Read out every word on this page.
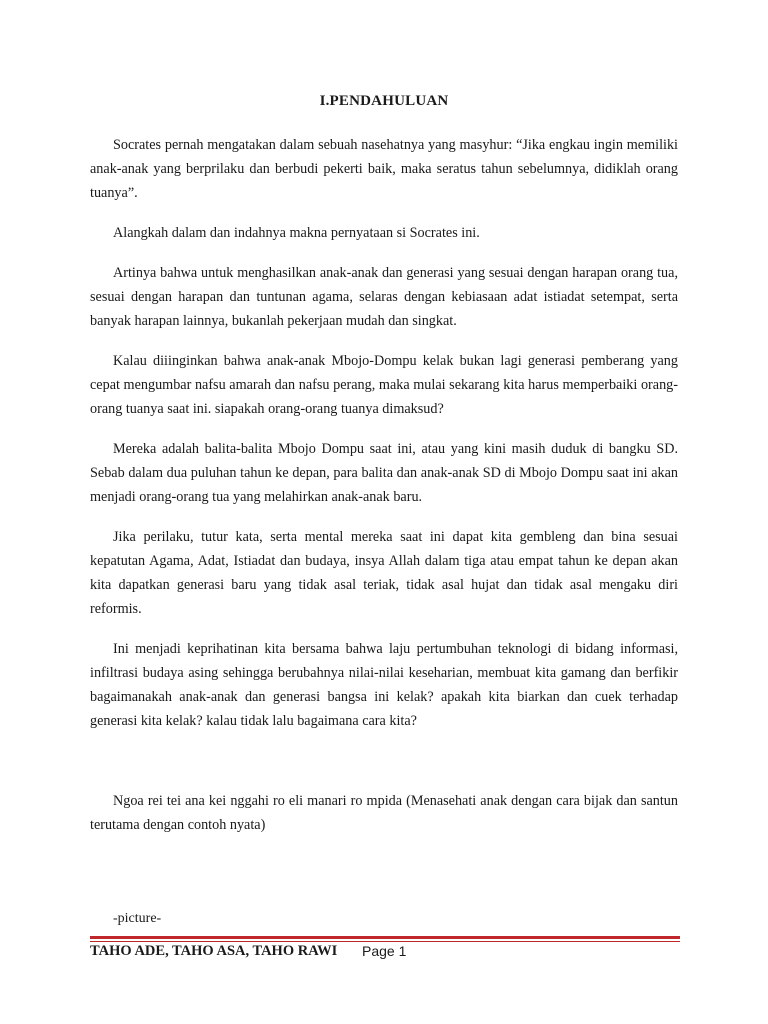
I.PENDAHULUAN

Socrates pernah mengatakan dalam sebuah nasehatnya yang masyhur: “Jika engkau ingin memiliki anak-anak yang berprilaku dan berbudi pekerti baik, maka seratus tahun sebelumnya, didiklah orang tuanya”.

Alangkah dalam dan indahnya makna pernyataan si Socrates ini.

Artinya bahwa untuk menghasilkan anak-anak dan generasi yang sesuai dengan harapan orang tua, sesuai dengan harapan dan tuntunan agama, selaras dengan kebiasaan adat istiadat setempat, serta banyak harapan lainnya, bukanlah pekerjaan mudah dan singkat.

Kalau diiinginkan bahwa anak-anak Mbojo-Dompu kelak bukan lagi generasi pemberang yang cepat mengumbar nafsu amarah dan nafsu perang, maka mulai sekarang kita harus memperbaiki orang-orang tuanya saat ini. siapakah orang-orang tuanya dimaksud?

Mereka adalah balita-balita Mbojo Dompu saat ini, atau yang kini masih duduk di bangku SD. Sebab dalam dua puluhan tahun ke depan, para balita dan anak-anak SD di Mbojo Dompu saat ini akan menjadi orang-orang tua yang melahirkan anak-anak baru.

Jika perilaku, tutur kata, serta mental mereka saat ini dapat kita gembleng dan bina sesuai kepatutan Agama, Adat, Istiadat dan budaya, insya Allah dalam tiga atau empat tahun ke depan akan kita dapatkan generasi baru yang tidak asal teriak, tidak asal hujat dan tidak asal mengaku diri reformis.

Ini menjadi keprihatinan kita bersama bahwa laju pertumbuhan teknologi di bidang informasi, infiltrasi budaya asing sehingga berubahnya nilai-nilai keseharian, membuat kita gamang dan berfikir bagaimanakah anak-anak dan generasi bangsa ini kelak? apakah kita biarkan dan cuek terhadap generasi kita kelak? kalau tidak lalu bagaimana cara kita?

Ngoa rei tei ana kei nggahi ro eli manari ro mpida (Menasehati anak dengan cara bijak dan santun terutama dengan contoh nyata)

-picture-
TAHO ADE, TAHO ASA, TAHO RAWI Page 1
